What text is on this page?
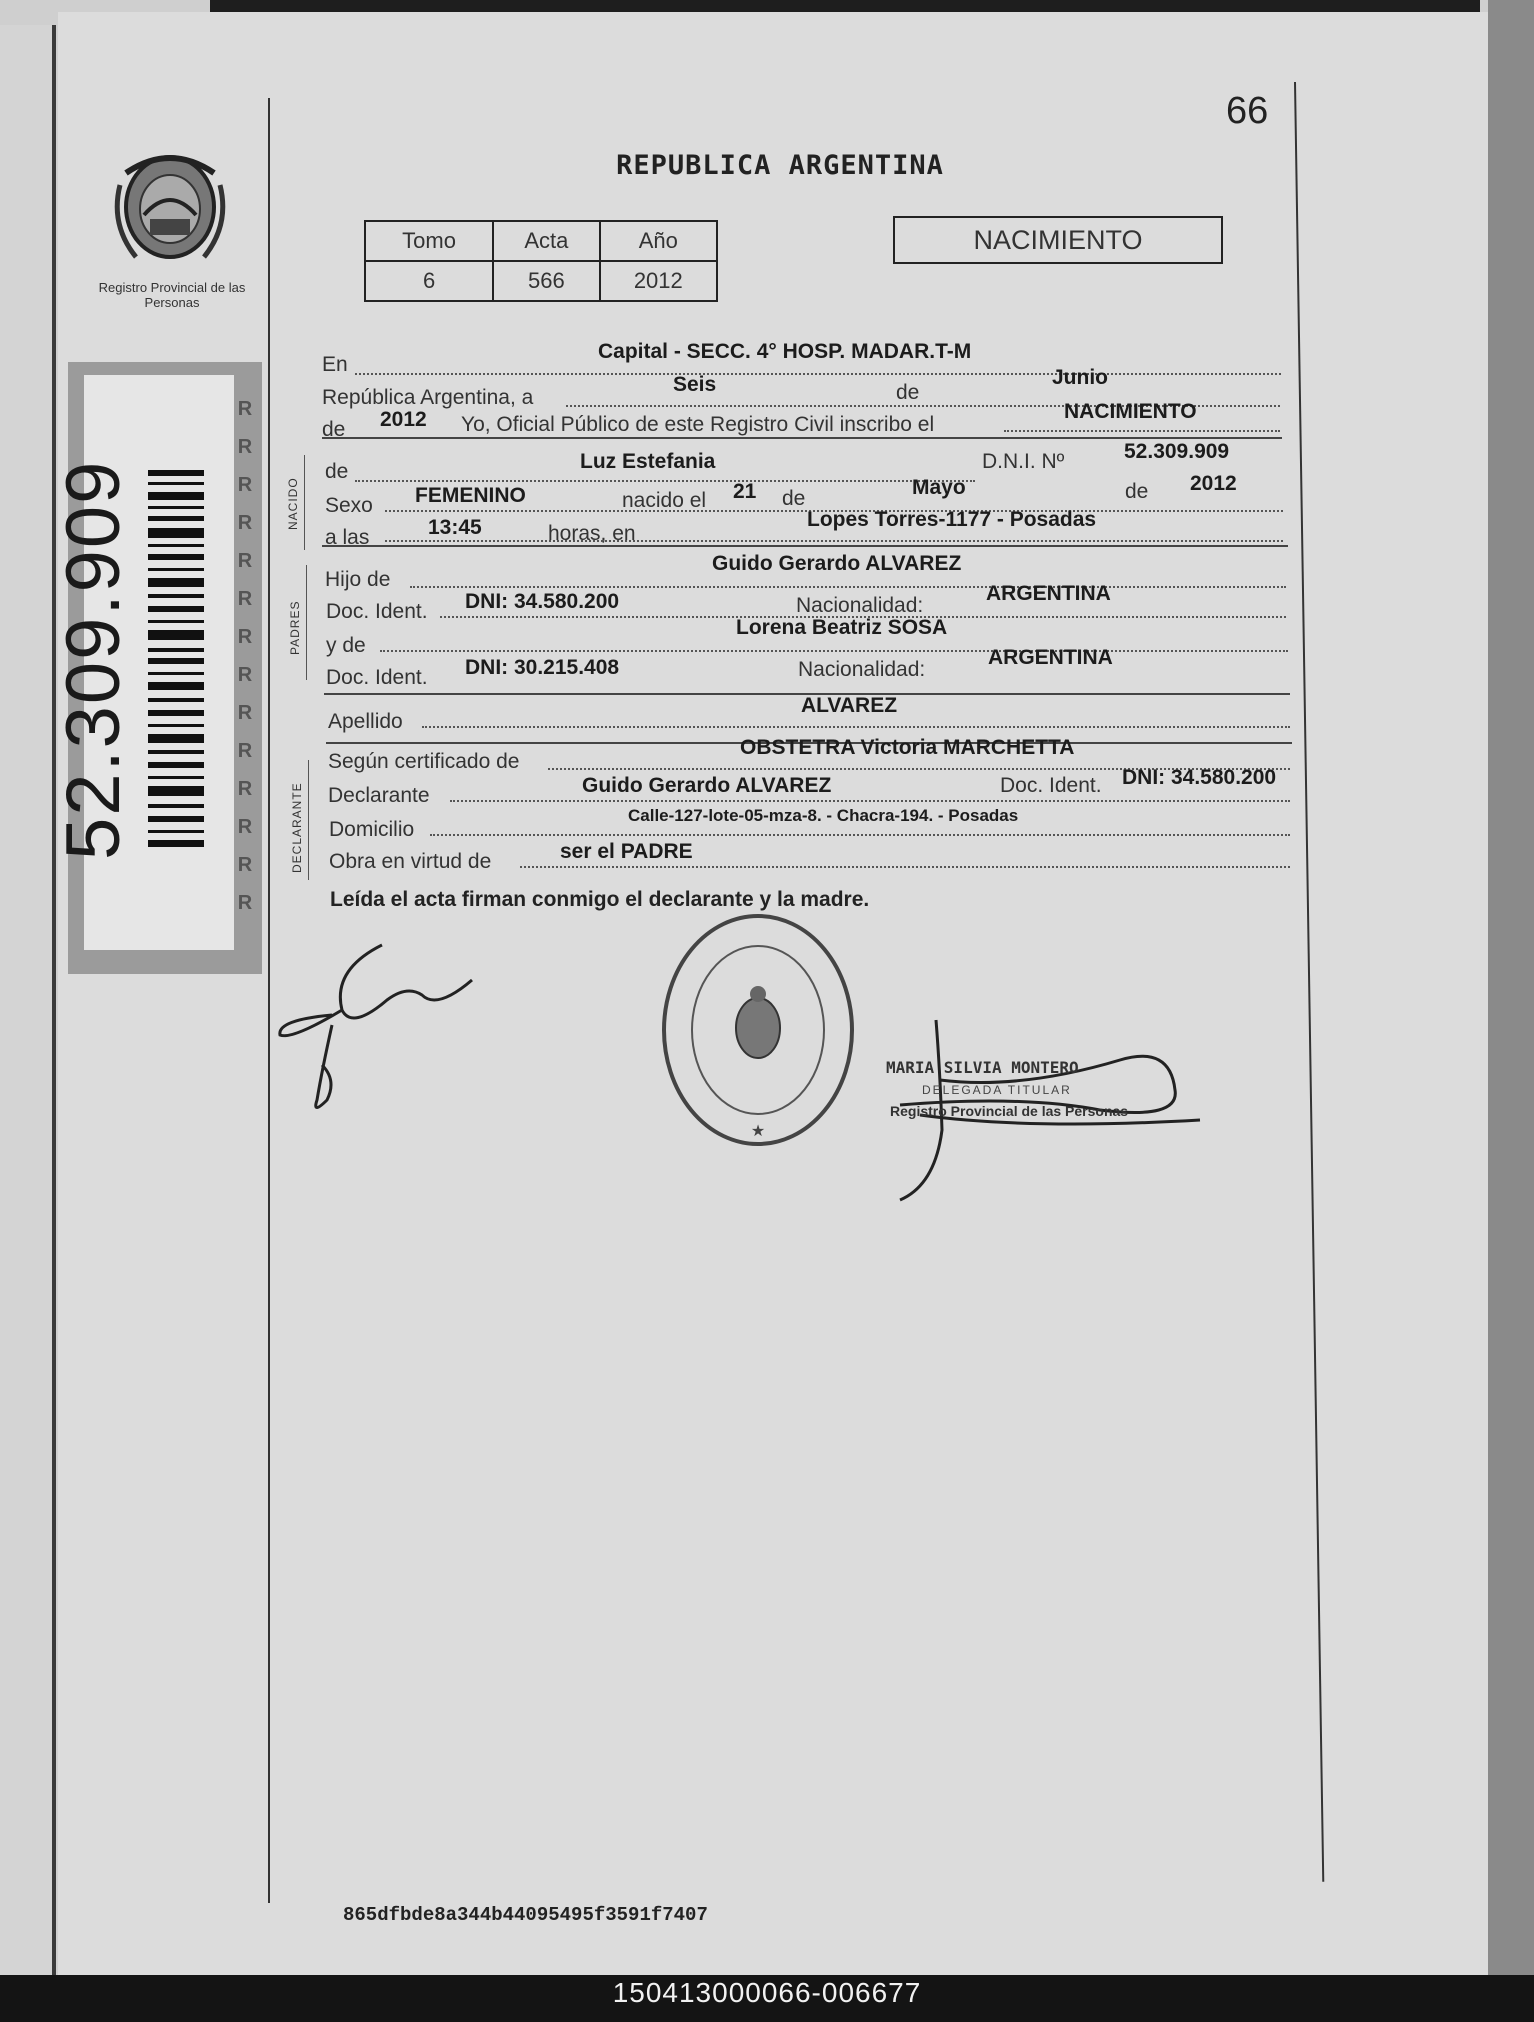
66
REPUBLICA ARGENTINA
Registro Provincial de las Personas
Tomo	Acta	Año
6	566	2012
NACIMIENTO
52.309.909
R
R
R
R
R
R
R
R
R
R
R
R
R
R
NACIDO
PADRES
DECLARANTE
En
Capital - SECC. 4° HOSP. MADAR.T-M
República Argentina, a
Seis	de
Junio
de 2012 Yo, Oficial Público de este Registro Civil inscribo el
NACIMIENTO
de	Luz Estefania	D.N.I. Nº	52.309.909
Sexo FEMENINO	nacido el 21 de	Mayo	de 2012
a las	13:45	horas, en
Lopes Torres-1177 - Posadas
Hijo de
Guido Gerardo ALVAREZ
Doc. Ident. DNI: 34.580.200	Nacionalidad:
ARGENTINA
y de
Lorena Beatriz SOSA
Doc. Ident. DNI: 30.215.408	Nacionalidad:
ARGENTINA
Apellido
ALVAREZ
Según certificado de
OBSTETRA Victoria MARCHETTA
Declarante	Guido Gerardo ALVAREZ	Doc. Ident. DNI: 34.580.200
Domicilio
Calle-127-lote-05-mza-8. - Chacra-194. - Posadas
Obra en virtud de	ser el PADRE
Leída el acta firman conmigo el declarante y la madre.
★
MARIA SILVIA MONTERO
DELEGADA TITULAR
Registro Provincial de las Personas
865dfbde8a344b44095495f3591f7407
150413000066-006677
